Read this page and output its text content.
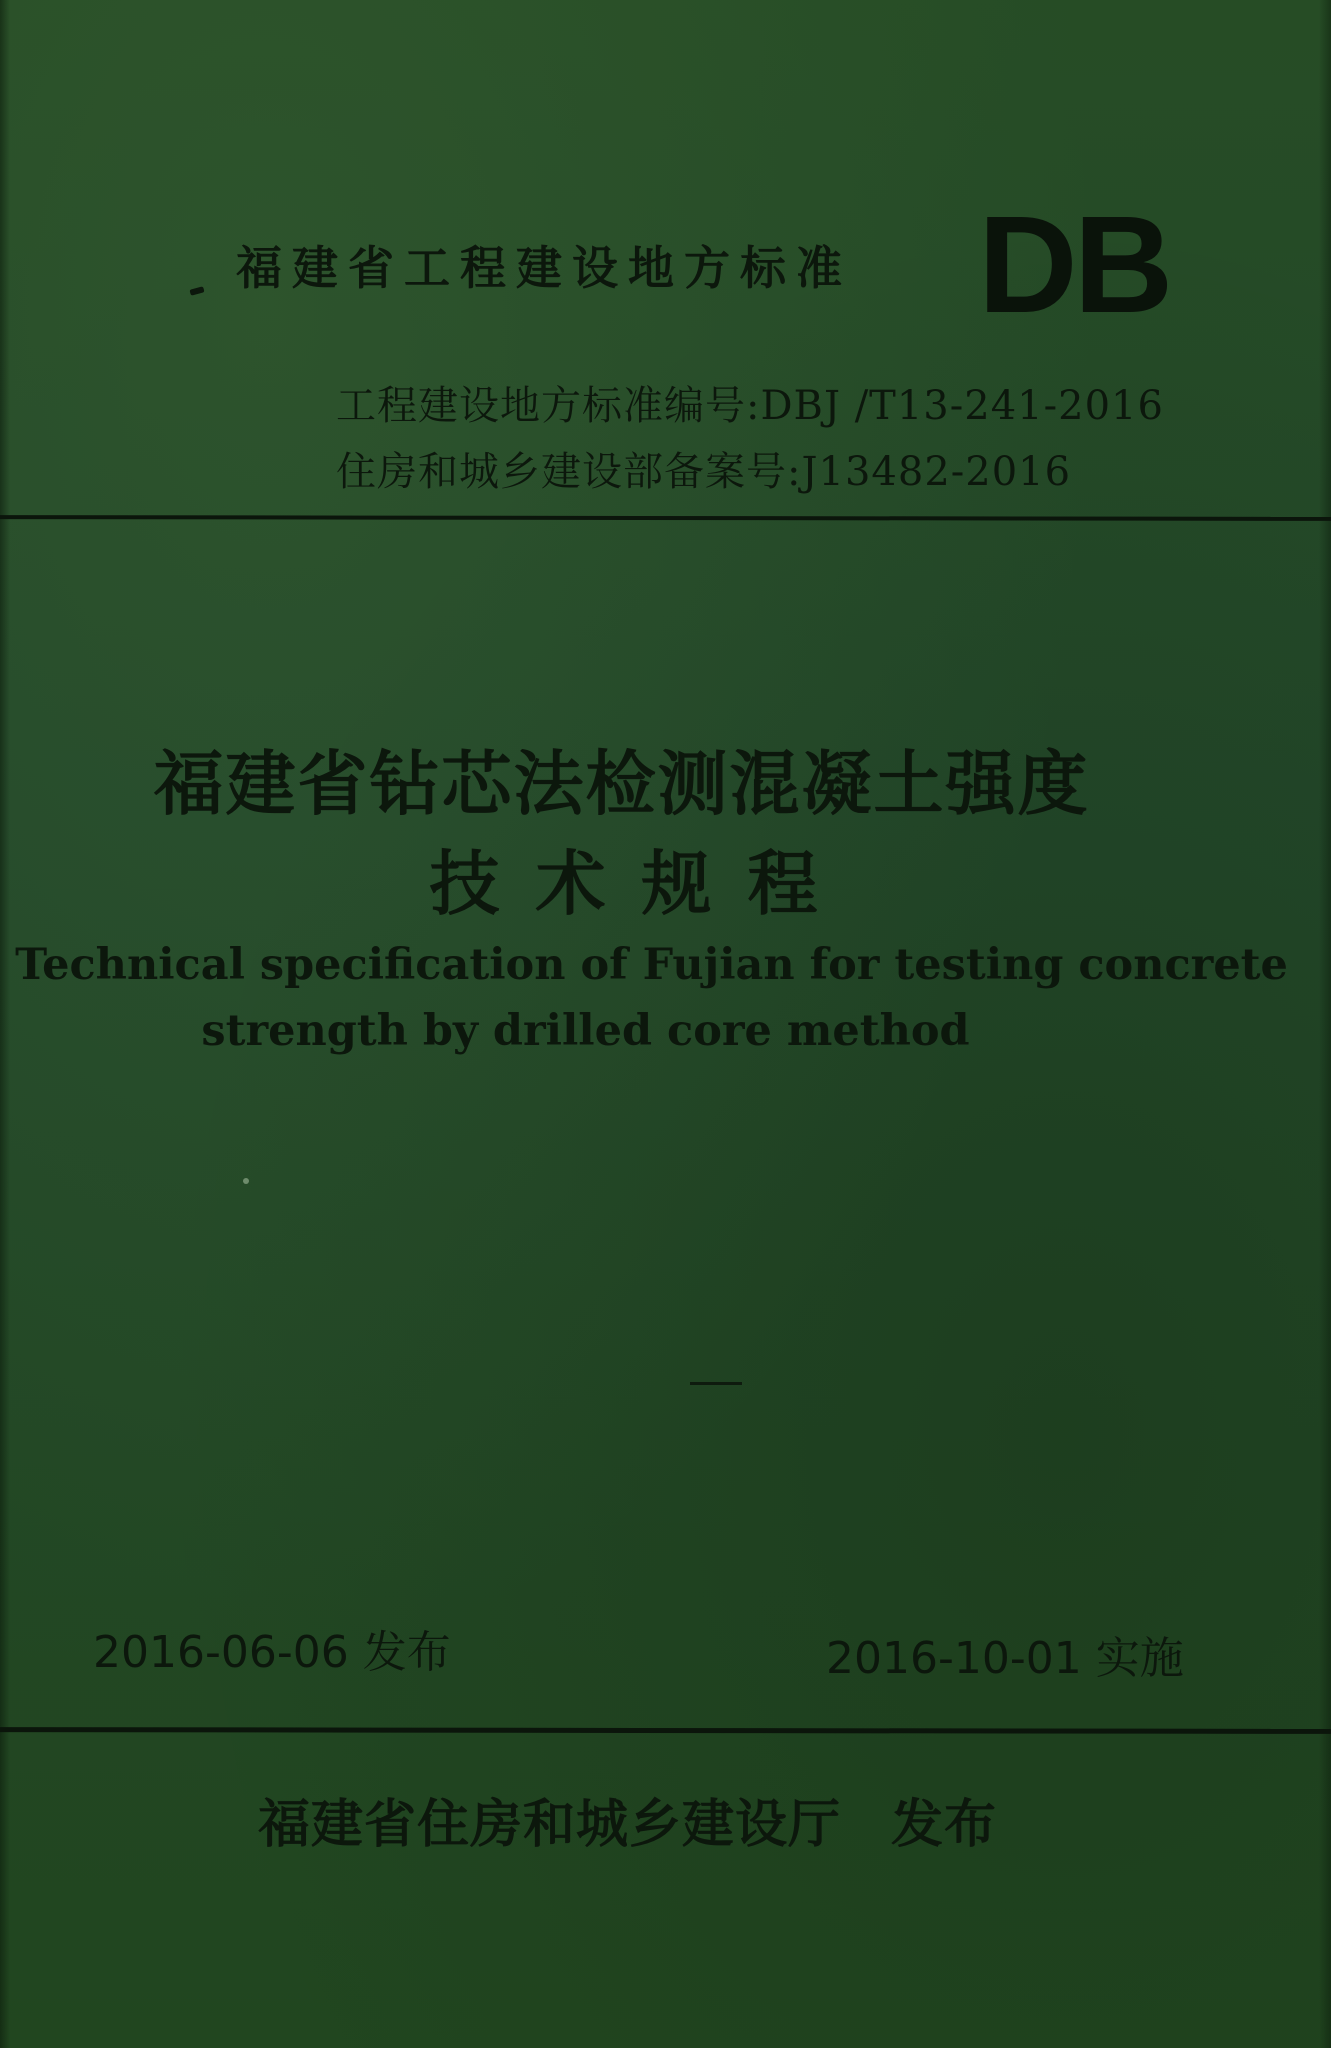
福建省工程建设地方标准 DB
工程建设地方标准编号:DBJ /T13-241-2016
住房和城乡建设部备案号:J13482-2016
福建省钻芯法检测混凝土强度
技术规程
Technical specification of Fujian for testing concrete
strength by drilled core method
2016-06-06 发布	2016-10-01 实施
福建省住房和城乡建设厅 发布
